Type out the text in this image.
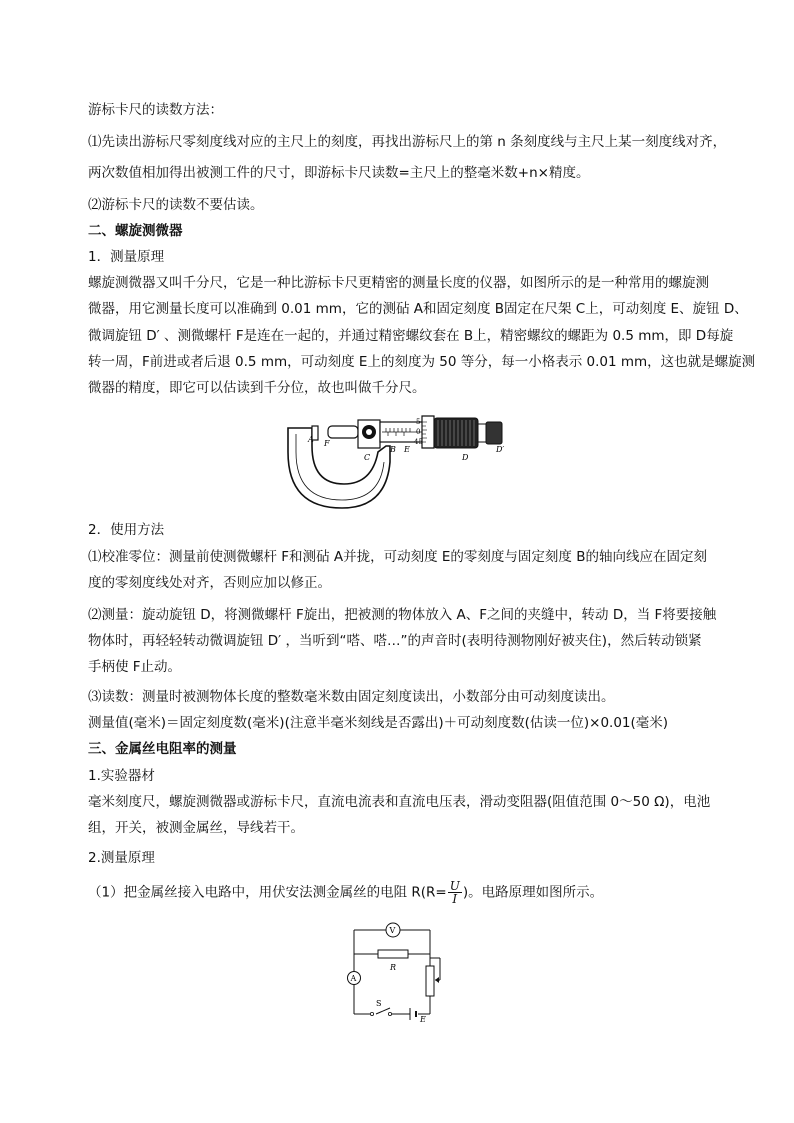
游标卡尺的读数方法：
⑴先读出游标尺零刻度线对应的主尺上的刻度，再找出游标尺上的第 n 条刻度线与主尺上某一刻度线对齐，
两次数值相加得出被测工件的尺寸，即游标卡尺读数=主尺上的整毫米数+n×精度。
⑵游标卡尺的读数不要估读。
二、螺旋测微器
1．测量原理
螺旋测微器又叫千分尺，它是一种比游标卡尺更精密的测量长度的仪器，如图所示的是一种常用的螺旋测
微器，用它测量长度可以准确到 0.01 mm，它的测砧 A和固定刻度 B固定在尺架 C上，可动刻度 E、旋钮 D、
微调旋钮 D′ 、测微螺杆 F是连在一起的，并通过精密螺纹套在 B上，精密螺纹的螺距为 0.5 mm，即 D每旋
转一周，F前进或者后退 0.5 mm，可动刻度 E上的刻度为 50 等分，每一小格表示 0.01 mm，这也就是螺旋测
微器的精度，即它可以估读到千分位，故也叫做千分尺。
A F
C
B E
D
D′
5
0
45
2．使用方法
⑴校准零位：测量前使测微螺杆 F和测砧 A并拢，可动刻度 E的零刻度与固定刻度 B的轴向线应在固定刻
度的零刻度线处对齐，否则应加以修正。
⑵测量：旋动旋钮 D，将测微螺杆 F旋出，把被测的物体放入 A、F之间的夹缝中，转动 D，当 F将要接触
物体时，再轻轻转动微调旋钮 D′ ，当听到“嗒、嗒…”的声音时(表明待测物刚好被夹住)，然后转动锁紧
手柄使 F止动。
⑶读数：测量时被测物体长度的整数毫米数由固定刻度读出，小数部分由可动刻度读出。
测量值(毫米)＝固定刻度数(毫米)(注意半毫米刻线是否露出)＋可动刻度数(估读一位)×0.01(毫米)
三、金属丝电阻率的测量
1.实验器材
毫米刻度尺，螺旋测微器或游标卡尺，直流电流表和直流电压表，滑动变阻器(阻值范围 0～50 Ω)，电池
组，开关，被测金属丝，导线若干。
2.测量原理
（1）把金属丝接入电路中，用伏安法测金属丝的电阻 $R(R= \frac{U}{I}$ )。电路原理如图所示。
V
R
A
S
E
